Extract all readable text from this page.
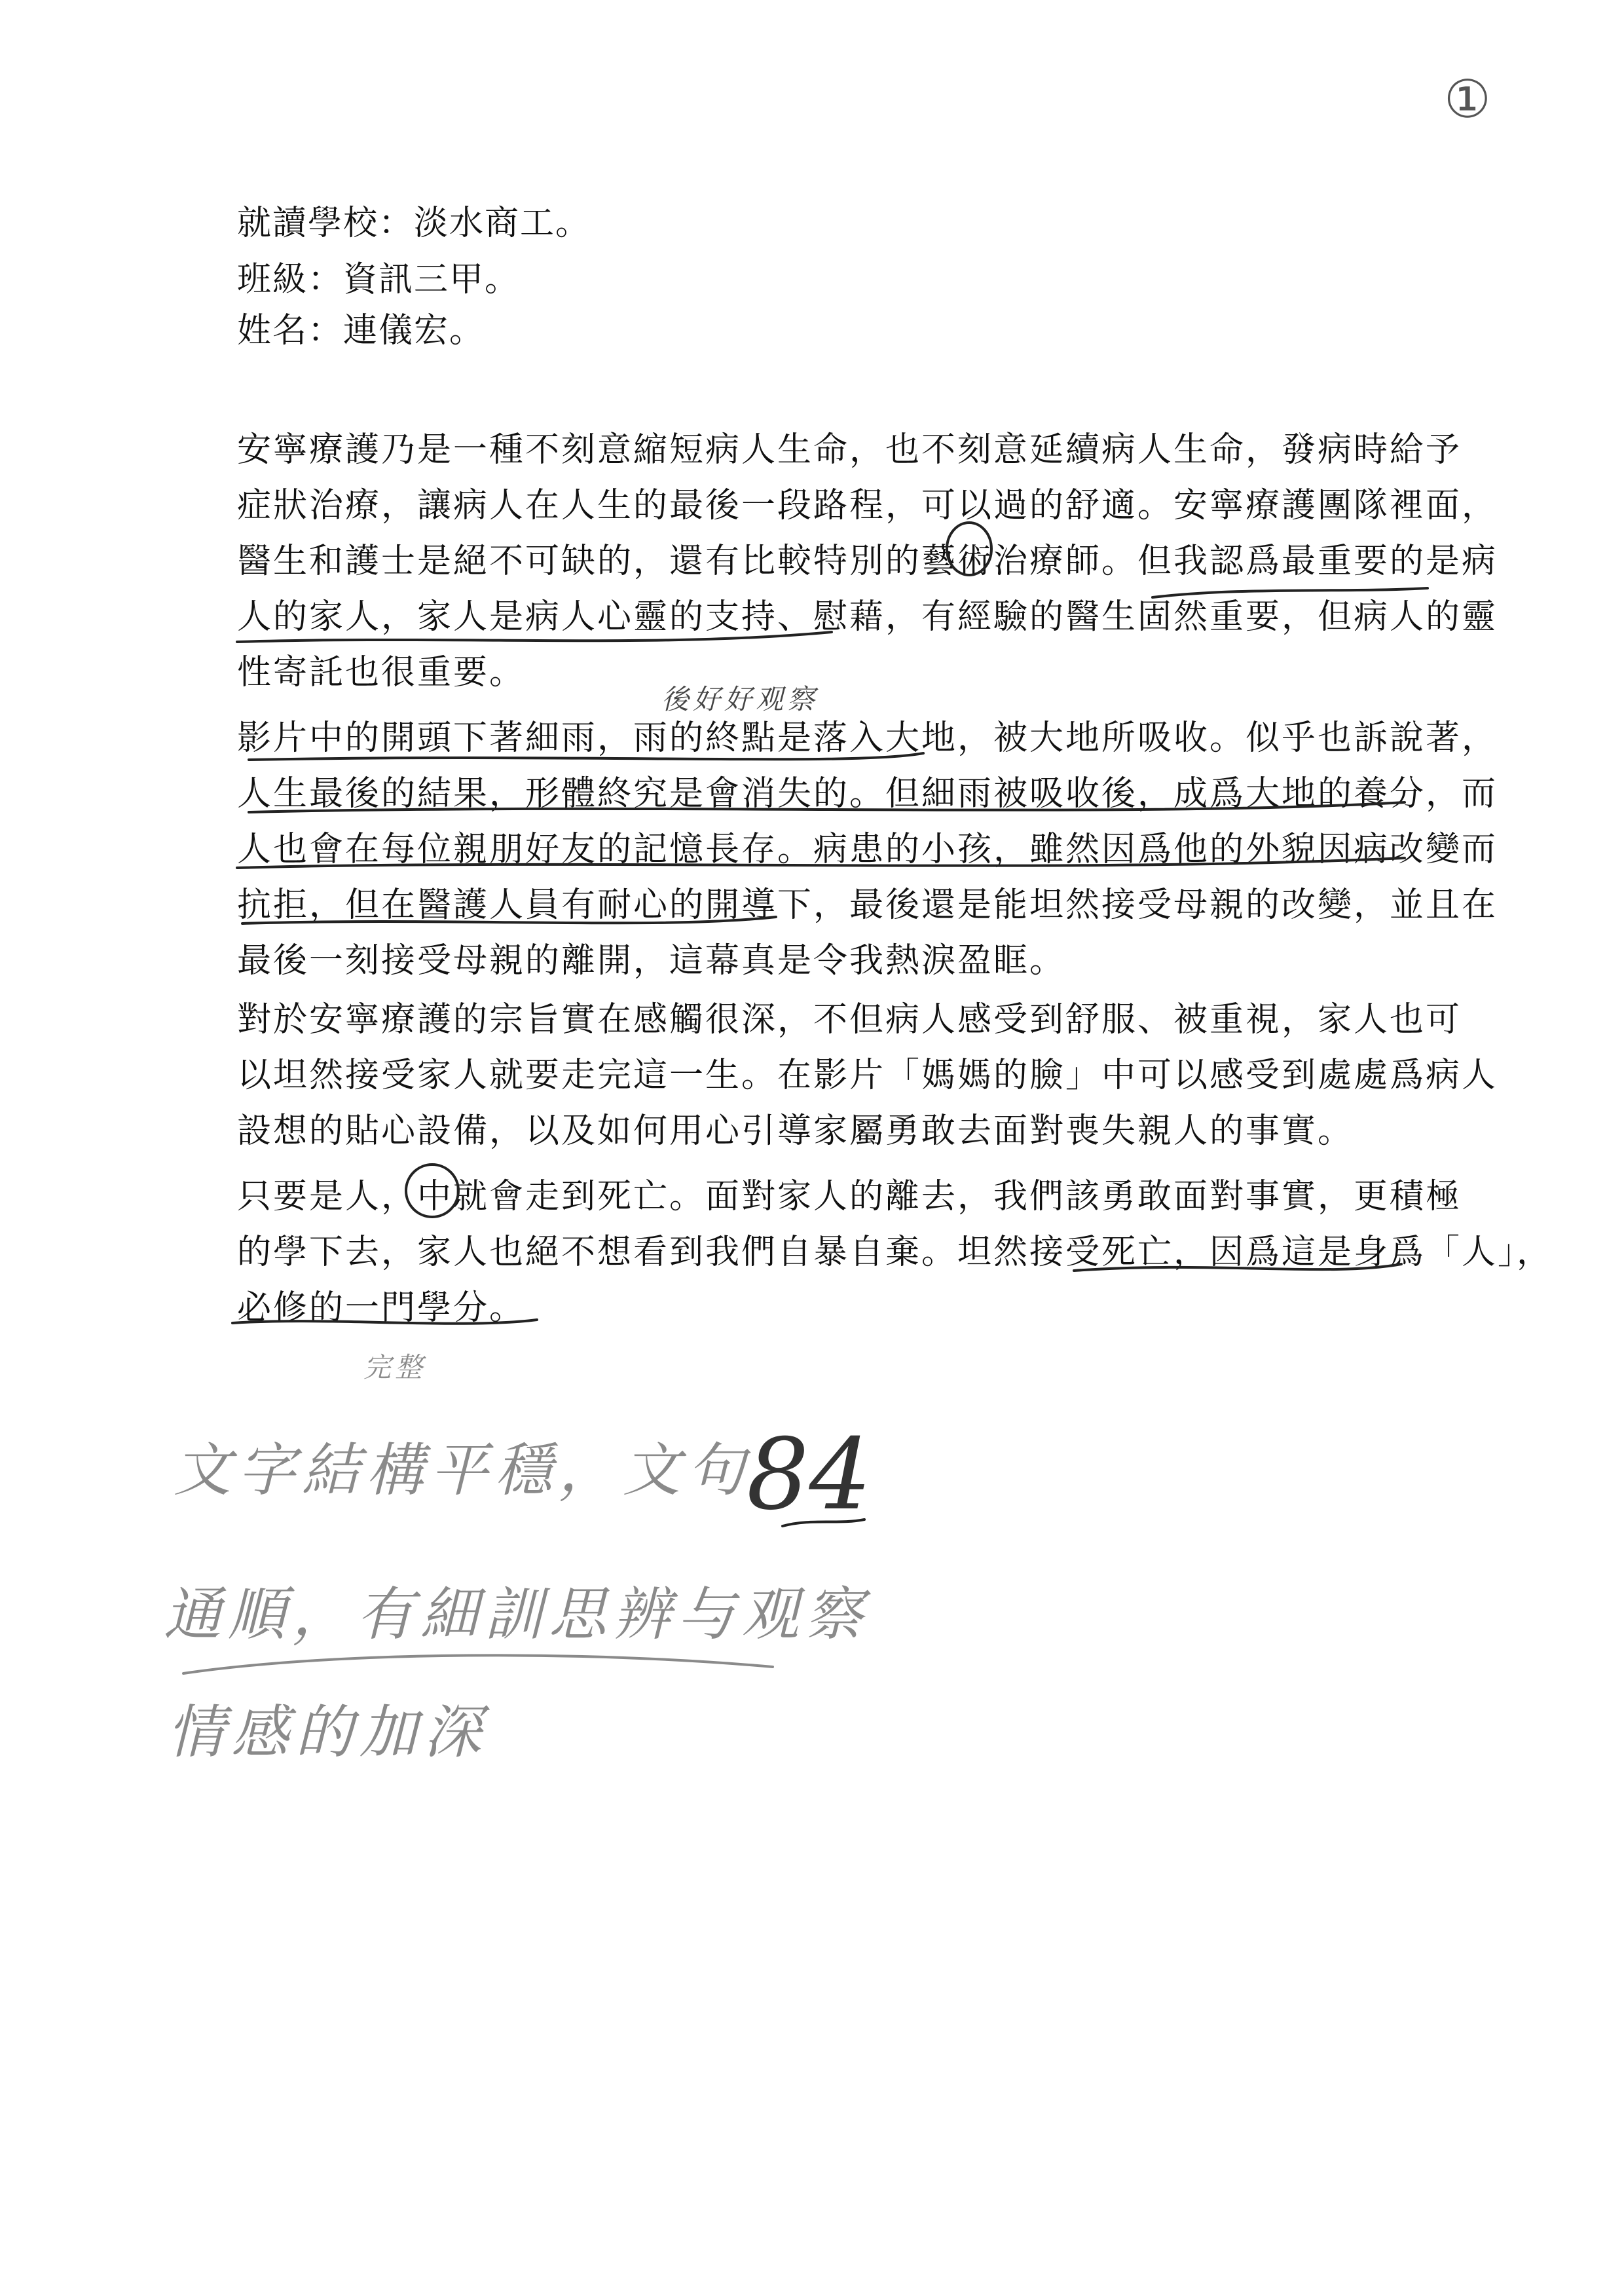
①
就讀學校：淡水商工。
班級：資訊三甲。
姓名：連儀宏。
安寧療護乃是一種不刻意縮短病人生命，也不刻意延續病人生命，發病時給予
症狀治療，讓病人在人生的最後一段路程，可以過的舒適。安寧療護團隊裡面，
醫生和護士是絕不可缺的，還有比較特別的藝術治療師。但我認爲最重要的是病
人的家人，家人是病人心靈的支持、慰藉，有經驗的醫生固然重要，但病人的靈
性寄託也很重要。
影片中的開頭下著細雨，雨的終點是落入大地，被大地所吸收。似乎也訴說著，
人生最後的結果，形體終究是會消失的。但細雨被吸收後，成爲大地的養分，而
人也會在每位親朋好友的記憶長存。病患的小孩，雖然因爲他的外貌因病改變而
抗拒，但在醫護人員有耐心的開導下，最後還是能坦然接受母親的改變，並且在
最後一刻接受母親的離開，這幕真是令我熱淚盈眶。
對於安寧療護的宗旨實在感觸很深，不但病人感受到舒服、被重視，家人也可
以坦然接受家人就要走完這一生。在影片「媽媽的臉」中可以感受到處處爲病人
設想的貼心設備，以及如何用心引導家屬勇敢去面對喪失親人的事實。
只要是人，中就會走到死亡。面對家人的離去，我們該勇敢面對事實，更積極
的學下去，家人也絕不想看到我們自暴自棄。坦然接受死亡，因爲這是身爲「人」，
必修的一門學分。
後好好观察
84
完整
文字結構平穩，文句
通順，有細訓思辨与观察
情感的加深
